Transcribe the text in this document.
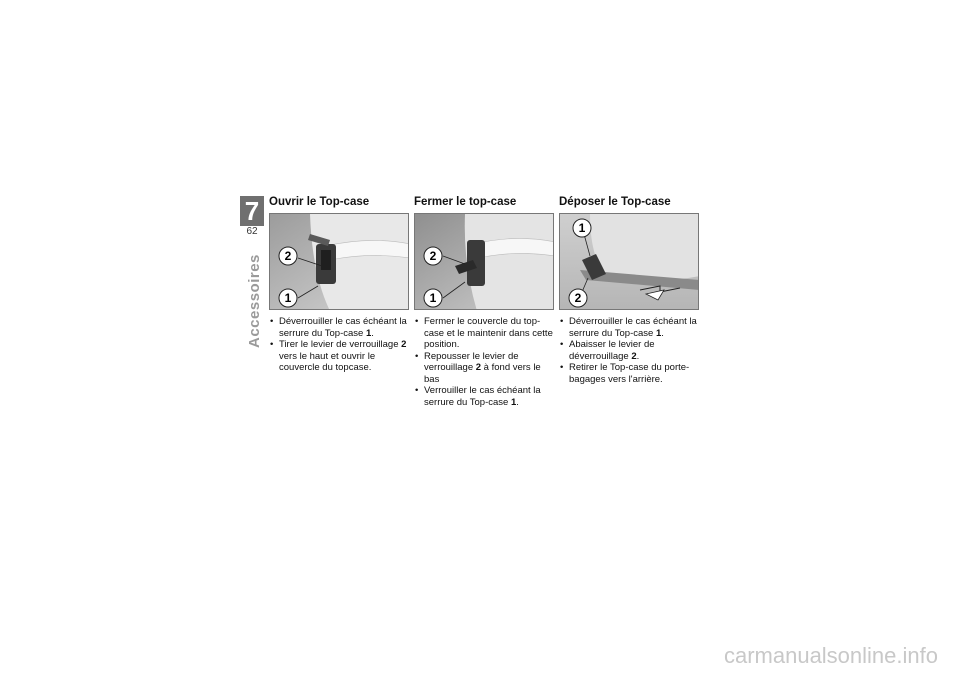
7
62
Accessoires
Ouvrir le Top-case
2
1
• Déverrouiller le cas échéant la serrure du Top-case 1.
• Tirer le levier de verrouillage 2 vers le haut et ouvrir le couvercle du topcase.
Fermer le top-case
2
1
• Fermer le couvercle du top-case et le maintenir dans cette position.
• Repousser le levier de verrouillage 2 à fond vers le bas
• Verrouiller le cas échéant la serrure du Top-case 1.
Déposer le Top-case
1
2
• Déverrouiller le cas échéant la serrure du Top-case 1.
• Abaisser le levier de déverrouillage 2.
• Retirer le Top-case du porte-bagages vers l'arrière.
carmanualsonline.info
